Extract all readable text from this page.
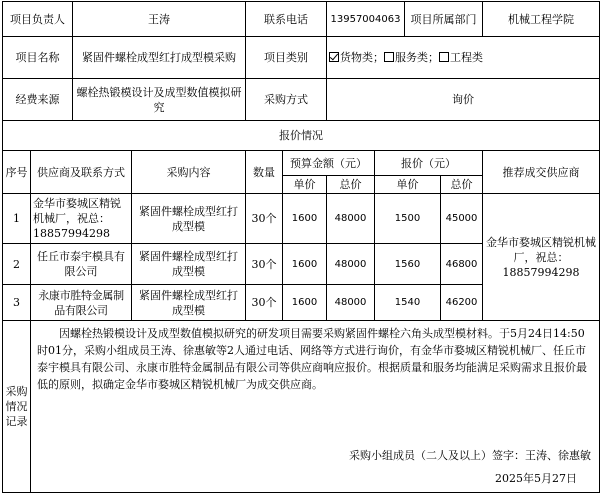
项目负责人		王涛		联系电话		13957004063		项目所属部门		机械工程学院
项目名称		紧固件螺栓成型红打成型模采购		项目类别		货物类； 服务类； 工程类				
经费来源		螺栓热锻模设计及成型数值模拟研究		采购方式		询价				
报价情况										
序号	供应商及联系方式		采购内容	数量	预算金额（元）		报价（元）			推荐成交供应商
					单价	总价	单价		总价	
1	金华市婺城区精锐机械厂，祝总：18857994298		紧固件螺栓成型红打成型模	30个	1600	48000	1500		45000	金华市婺城区精锐机械厂，祝总：18857994298
2	任丘市泰宇模具有限公司		紧固件螺栓成型红打成型模	30个	1600	48000	1560		46800	
3	永康市胜特金属制品有限公司		紧固件螺栓成型红打成型模	30个	1600	48000	1540		46200	
采购情况记录	因螺栓热锻模设计及成型数值模拟研究的研发项目需要采购紧固件螺栓六角头成型模材料。于5月24日14:50时01分，采购小组成员王涛、徐惠敏等2人通过电话、网络等方式进行询价，有金华市婺城区精锐机械厂、任丘市泰宇模具有限公司、永康市胜特金属制品有限公司等供应商响应报价。根据质量和服务均能满足采购需求且报价最低的原则，拟确定金华市婺城区精锐机械厂为成交供应商。
采购小组成员（二人及以上）签字：王涛、徐惠敏
2025年5月27日									
